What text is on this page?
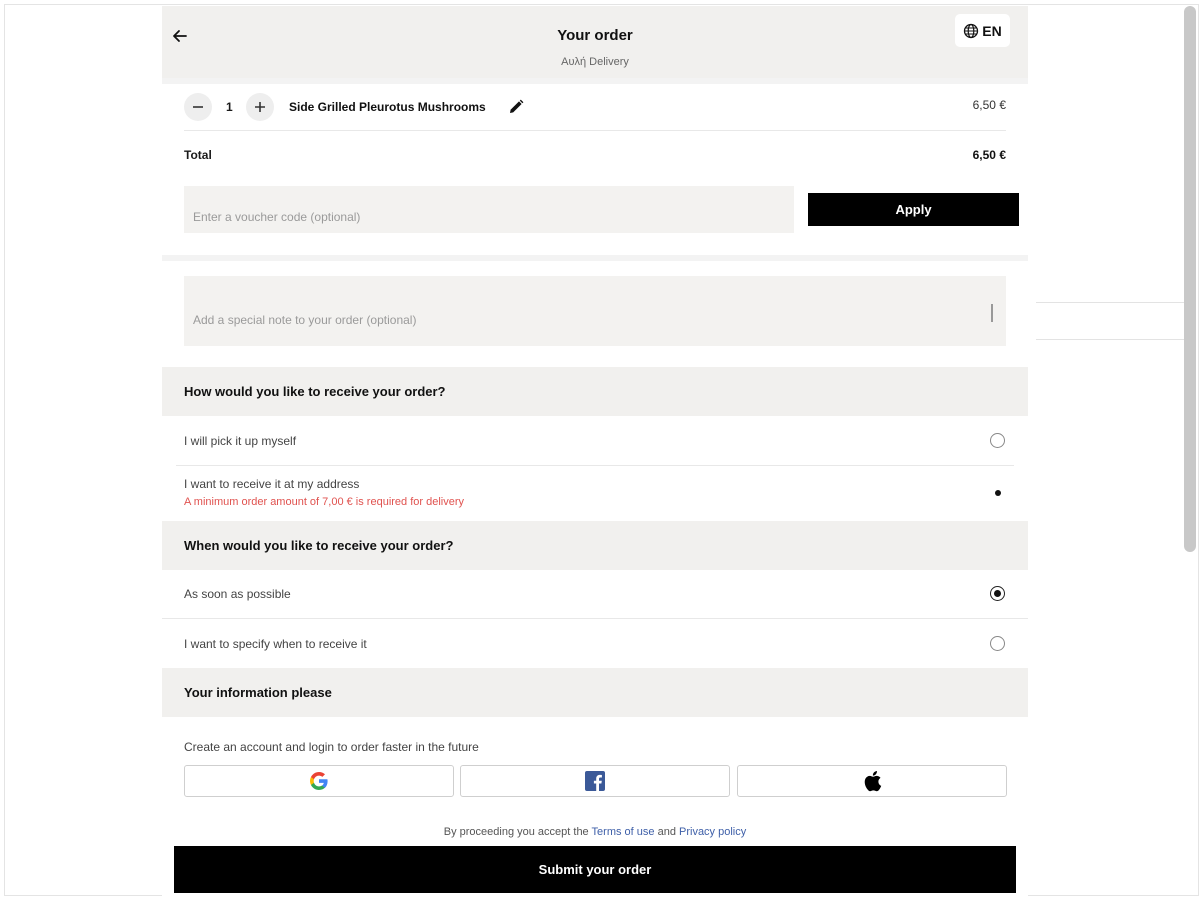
Your order
Αυλή Delivery
EN
1	Side Grilled Pleurotus Mushrooms	6,50 €
Total	6,50 €
Enter a voucher code (optional)
Apply
Add a special note to your order (optional)
How would you like to receive your order?
I will pick it up myself
I want to receive it at my address
A minimum order amount of 7,00 € is required for delivery
When would you like to receive your order?
As soon as possible
I want to specify when to receive it
Your information please
Create an account and login to order faster in the future
By proceeding you accept the Terms of use and Privacy policy
Submit your order
